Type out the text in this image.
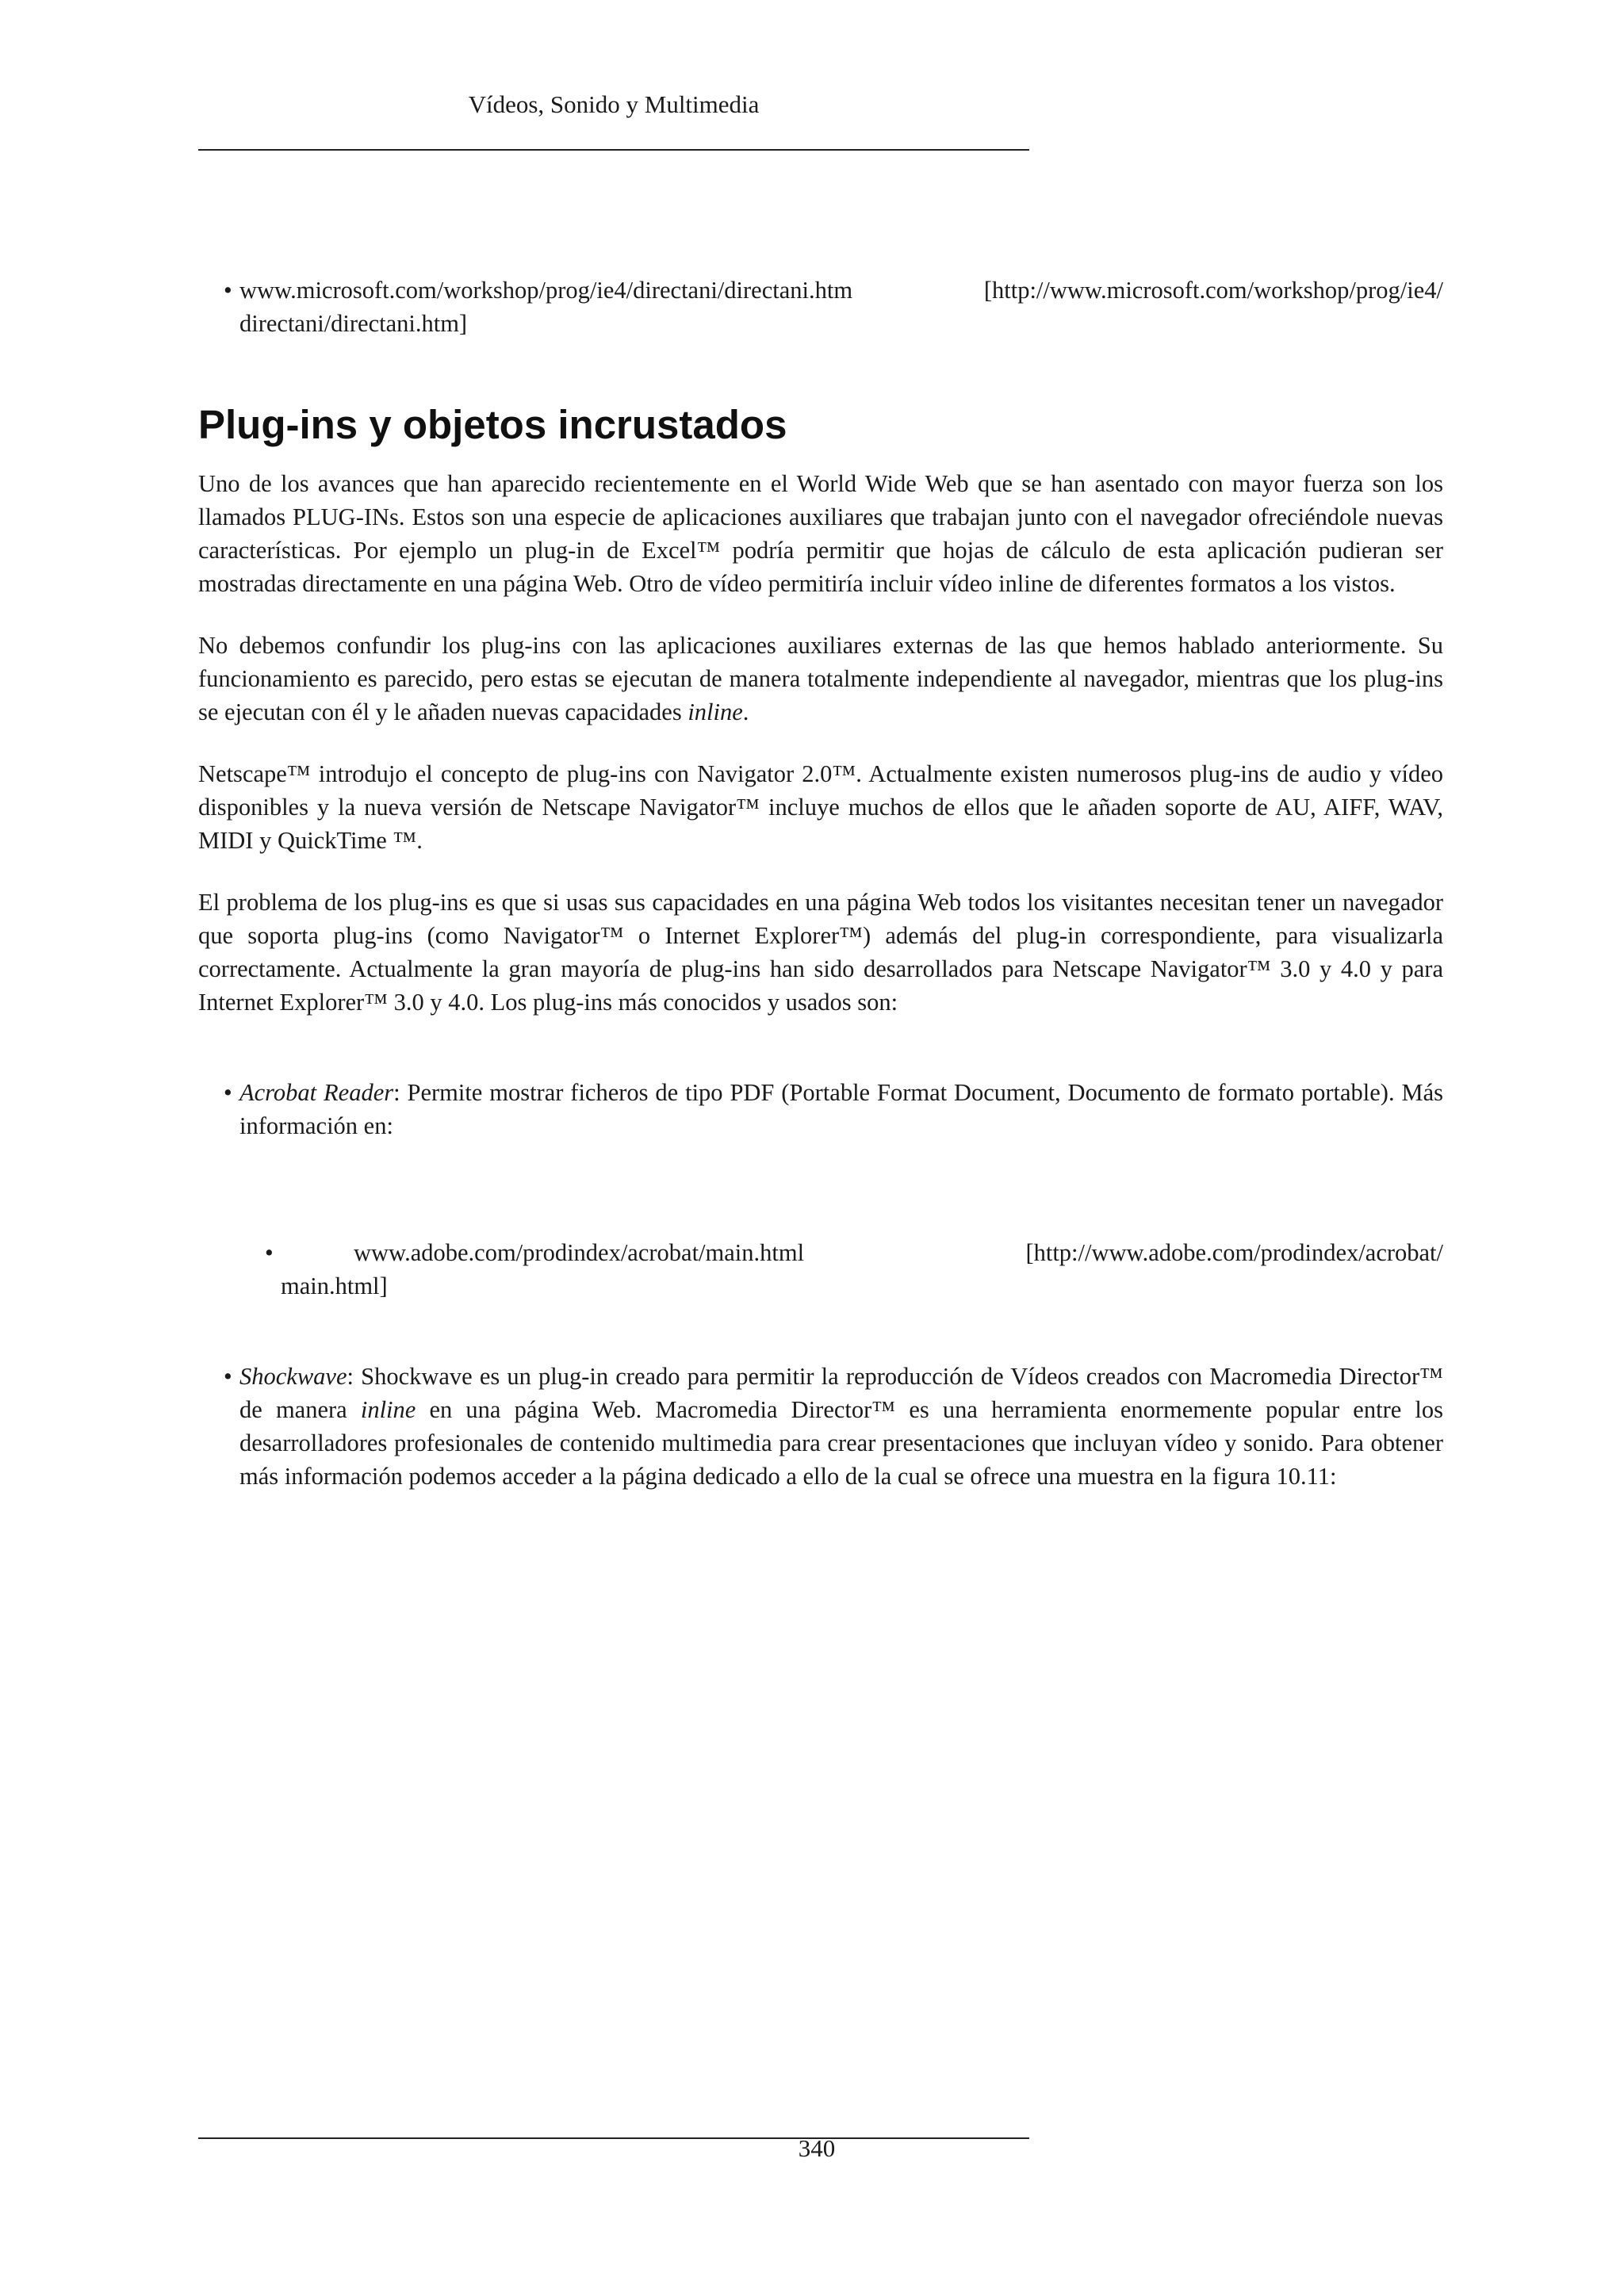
Vídeos, Sonido y Multimedia
• www.microsoft.com/workshop/prog/ie4/directani/directani.htm	[http://www.microsoft.com/workshop/prog/ie4/
directani/directani.htm]
Plug-ins y objetos incrustados

Uno de los avances que han aparecido recientemente en el World Wide Web que se han asentado con mayor fuerza son los llamados PLUG-INs. Estos son una especie de aplicaciones auxiliares que trabajan junto con el navegador ofreciéndole nuevas características. Por ejemplo un plug-in de Excel™ podría permitir que hojas de cálculo de esta aplicación pudieran ser mostradas directamente en una página Web. Otro de vídeo permitiría incluir vídeo inline de diferentes formatos a los vistos.

No debemos confundir los plug-ins con las aplicaciones auxiliares externas de las que hemos hablado anteriormente. Su funcionamiento es parecido, pero estas se ejecutan de manera totalmente independiente al navegador, mientras que los plug-ins se ejecutan con él y le añaden nuevas capacidades inline.

Netscape™ introdujo el concepto de plug-ins con Navigator 2.0™. Actualmente existen numerosos plug-ins de audio y vídeo disponibles y la nueva versión de Netscape Navigator™ incluye muchos de ellos que le añaden soporte de AU, AIFF, WAV, MIDI y QuickTime ™.

El problema de los plug-ins es que si usas sus capacidades en una página Web todos los visitantes necesitan tener un navegador que soporta plug-ins (como Navigator™ o Internet Explorer™) además del plug-in correspondiente, para visualizarla correctamente. Actualmente la gran mayoría de plug-ins han sido desarrollados para Netscape Navigator™ 3.0 y 4.0 y para Internet Explorer™ 3.0 y 4.0. Los plug-ins más conocidos y usados son:

• Acrobat Reader: Permite mostrar ficheros de tipo PDF (Portable Format Document, Documento de formato portable). Más información en:
•	www.adobe.com/prodindex/acrobat/main.html	[http://www.adobe.com/prodindex/acrobat/
main.html]
• Shockwave: Shockwave es un plug-in creado para permitir la reproducción de Vídeos creados con Macromedia Director™ de manera inline en una página Web. Macromedia Director™ es una herramienta enormemente popular entre los desarrolladores profesionales de contenido multimedia para crear presentaciones que incluyan vídeo y sonido. Para obtener más información podemos acceder a la página dedicado a ello de la cual se ofrece una muestra en la figura 10.11:
340
